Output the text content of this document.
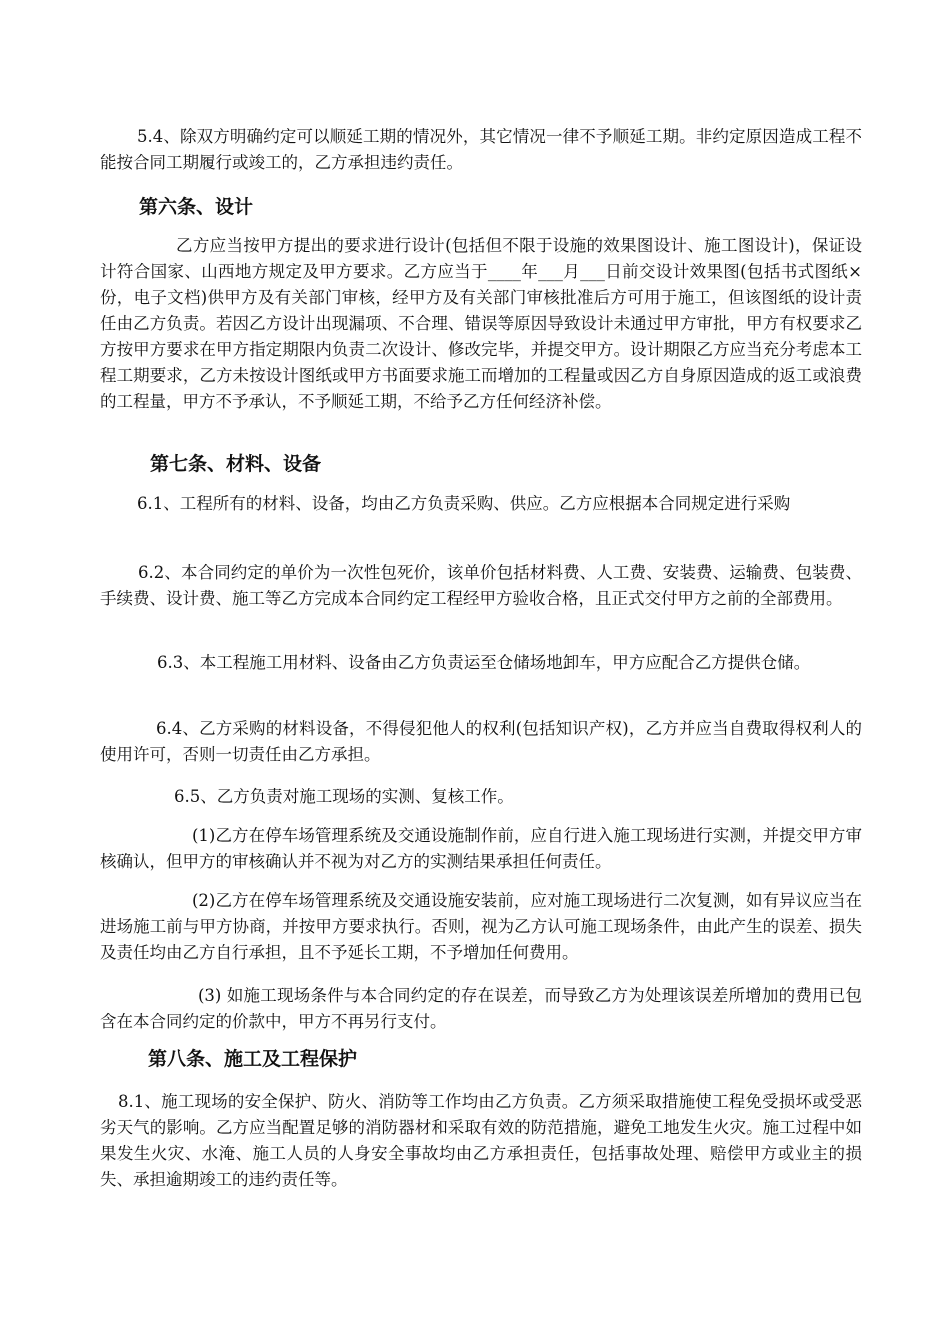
5.4、除双方明确约定可以顺延工期的情况外，其它情况一律不予顺延工期。非约定原因造成工程不能按合同工期履行或竣工的，乙方承担违约责任。

第六条、设计

乙方应当按甲方提出的要求进行设计(包括但不限于设施的效果图设计、施工图设计)，保证设计符合国家、山西地方规定及甲方要求。乙方应当于____年___月___日前交设计效果图(包括书式图纸×份，电子文档)供甲方及有关部门审核，经甲方及有关部门审核批准后方可用于施工，但该图纸的设计责任由乙方负责。若因乙方设计出现漏项、不合理、错误等原因导致设计未通过甲方审批，甲方有权要求乙方按甲方要求在甲方指定期限内负责二次设计、修改完毕，并提交甲方。设计期限乙方应当充分考虑本工程工期要求，乙方未按设计图纸或甲方书面要求施工而增加的工程量或因乙方自身原因造成的返工或浪费的工程量，甲方不予承认，不予顺延工期，不给予乙方任何经济补偿。

第七条、材料、设备

6.1、工程所有的材料、设备，均由乙方负责采购、供应。乙方应根据本合同规定进行采购

6.2、本合同约定的单价为一次性包死价，该单价包括材料费、人工费、安装费、运输费、包装费、手续费、设计费、施工等乙方完成本合同约定工程经甲方验收合格，且正式交付甲方之前的全部费用。

6.3、本工程施工用材料、设备由乙方负责运至仓储场地卸车，甲方应配合乙方提供仓储。

6.4、乙方采购的材料设备，不得侵犯他人的权利(包括知识产权)，乙方并应当自费取得权利人的使用许可，否则一切责任由乙方承担。

6.5、乙方负责对施工现场的实测、复核工作。

(1)乙方在停车场管理系统及交通设施制作前，应自行进入施工现场进行实测，并提交甲方审核确认，但甲方的审核确认并不视为对乙方的实测结果承担任何责任。

(2)乙方在停车场管理系统及交通设施安装前，应对施工现场进行二次复测，如有异议应当在进场施工前与甲方协商，并按甲方要求执行。否则，视为乙方认可施工现场条件，由此产生的误差、损失及责任均由乙方自行承担，且不予延长工期，不予增加任何费用。

(3) 如施工现场条件与本合同约定的存在误差，而导致乙方为处理该误差所增加的费用已包含在本合同约定的价款中，甲方不再另行支付。

第八条、施工及工程保护

8.1、施工现场的安全保护、防火、消防等工作均由乙方负责。乙方须采取措施使工程免受损坏或受恶劣天气的影响。乙方应当配置足够的消防器材和采取有效的防范措施，避免工地发生火灾。施工过程中如果发生火灾、水淹、施工人员的人身安全事故均由乙方承担责任，包括事故处理、赔偿甲方或业主的损失、承担逾期竣工的违约责任等。
